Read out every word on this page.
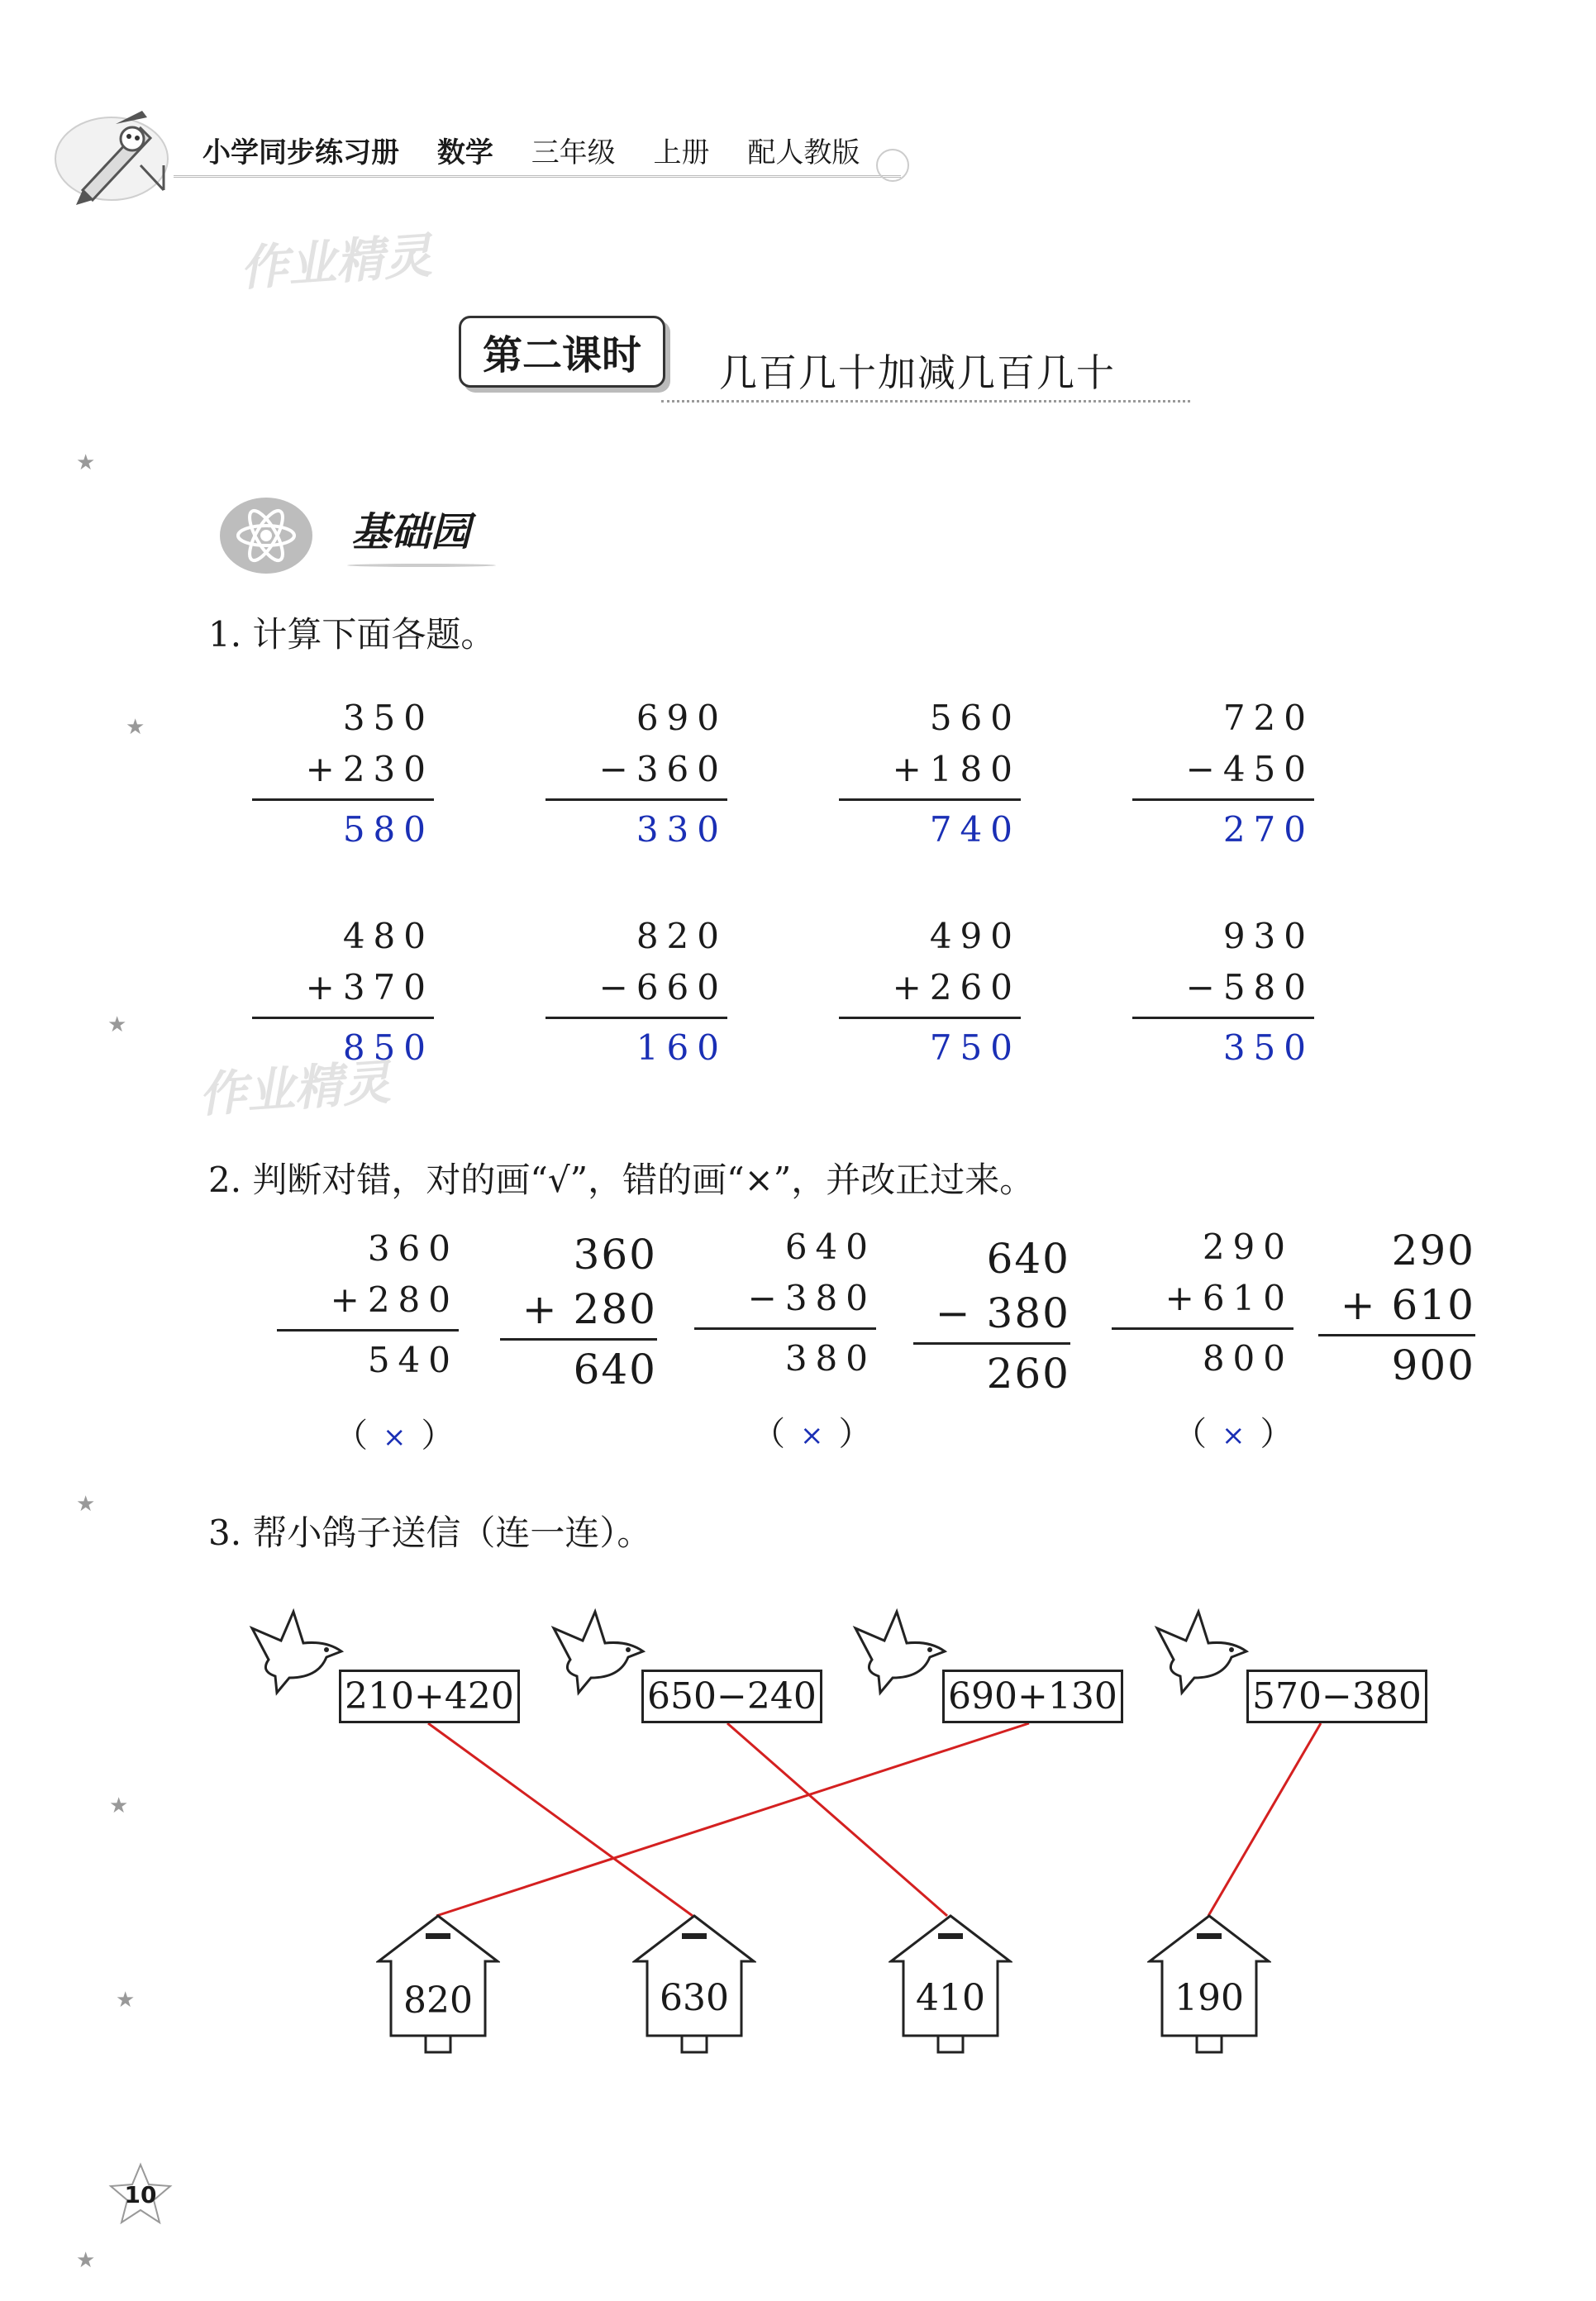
小学同步练习册 数学 三年级 上册 配人教版
作业精灵
作业精灵
★
★
★
★
★
★
★
第二课时	几百几十加减几百几十
基础园
1. 计算下面各题。
350
+230
580
690
−360
330
560
+180
740
720
−450
270
480
+370
850
820
−660
160
490
+260
750
930
−580
350
2. 判断对错，对的画“√”，错的画“×”，并改正过来。
360
+280
540
360
+ 280
640
（ × ）
640
−380
380
640
− 380
260
（ × ）
290
+610
800
290
+ 610
900
（ × ）
3. 帮小鸽子送信（连一连）。
210+420	650−240	690+130	570−380
820	630	410	190
10
